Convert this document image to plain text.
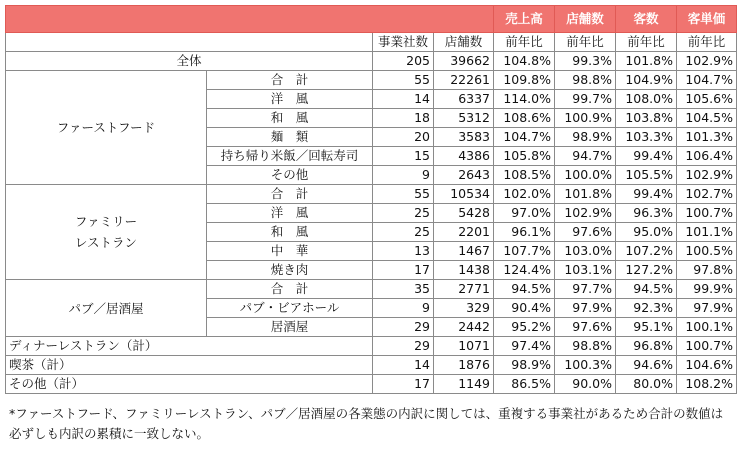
				売上高	店舗数	客数	客単価
		事業社数	店舗数	前年比	前年比	前年比	前年比
全体		205	39662	104.8%	99.3%	101.8%	102.9%
ファーストフード	合　計	55	22261	109.8%	98.8%	104.9%	104.7%
	洋　風	14	6337	114.0%	99.7%	108.0%	105.6%
	和　風	18	5312	108.6%	100.9%	103.8%	104.5%
	麺　類	20	3583	104.7%	98.9%	103.3%	101.3%
	持ち帰り米飯／回転寿司	15	4386	105.8%	94.7%	99.4%	106.4%
	その他	9	2643	108.5%	100.0%	105.5%	102.9%
ファミリー
レストラン	合　計	55	10534	102.0%	101.8%	99.4%	102.7%
	洋　風	25	5428	97.0%	102.9%	96.3%	100.7%
	和　風	25	2201	96.1%	97.6%	95.0%	101.1%
	中　華	13	1467	107.7%	103.0%	107.2%	100.5%
	焼き肉	17	1438	124.4%	103.1%	127.2%	97.8%
パブ／居酒屋	合　計	35	2771	94.5%	97.7%	94.5%	99.9%
	パブ・ビアホール	9	329	90.4%	97.9%	92.3%	97.9%
	居酒屋	29	2442	95.2%	97.6%	95.1%	100.1%
ディナーレストラン（計）		29	1071	97.4%	98.8%	96.8%	100.7%
喫茶（計）		14	1876	98.9%	100.3%	94.6%	104.6%
その他（計）		17	1149	86.5%	90.0%	80.0%	108.2%
*ファーストフード、ファミリーレストラン、パブ／居酒屋の各業態の内訳に関しては、重複する事業社があるため合計の数値は必ずしも内訳の累積に一致しない。
